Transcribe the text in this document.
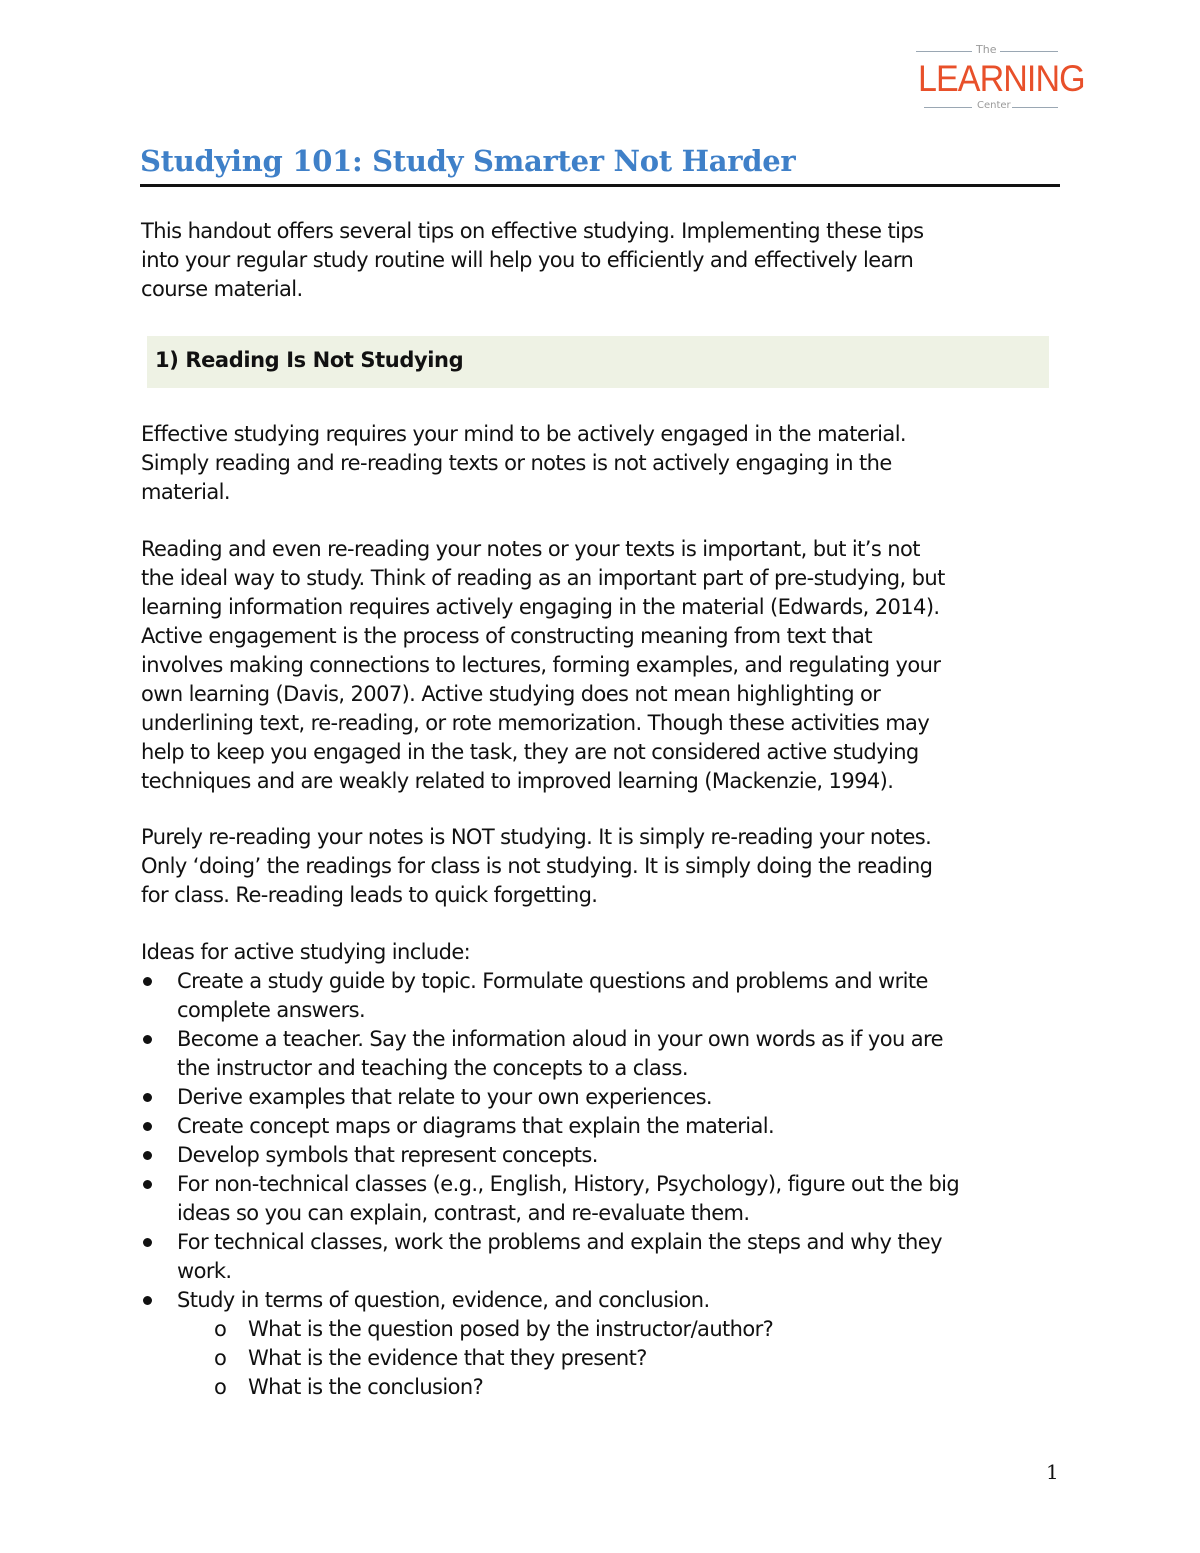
The
LEARNING
Center
Studying 101: Study Smarter Not Harder
This handout offers several tips on effective studying. Implementing these tips
into your regular study routine will help you to efficiently and effectively learn
course material.
1) Reading Is Not Studying
Effective studying requires your mind to be actively engaged in the material.
Simply reading and re-reading texts or notes is not actively engaging in the
material.
Reading and even re-reading your notes or your texts is important, but it’s not
the ideal way to study. Think of reading as an important part of pre-studying, but
learning information requires actively engaging in the material (Edwards, 2014).
Active engagement is the process of constructing meaning from text that
involves making connections to lectures, forming examples, and regulating your
own learning (Davis, 2007). Active studying does not mean highlighting or
underlining text, re-reading, or rote memorization. Though these activities may
help to keep you engaged in the task, they are not considered active studying
techniques and are weakly related to improved learning (Mackenzie, 1994).
Purely re-reading your notes is NOT studying. It is simply re-reading your notes.
Only ‘doing’ the readings for class is not studying. It is simply doing the reading
for class. Re-reading leads to quick forgetting.
Ideas for active studying include:
Create a study guide by topic. Formulate questions and problems and write
complete answers.
Become a teacher. Say the information aloud in your own words as if you are
the instructor and teaching the concepts to a class.
Derive examples that relate to your own experiences.
Create concept maps or diagrams that explain the material.
Develop symbols that represent concepts.
For non-technical classes (e.g., English, History, Psychology), figure out the big
ideas so you can explain, contrast, and re-evaluate them.
For technical classes, work the problems and explain the steps and why they
work.
Study in terms of question, evidence, and conclusion.
o What is the question posed by the instructor/author?
o What is the evidence that they present?
o What is the conclusion?
1
